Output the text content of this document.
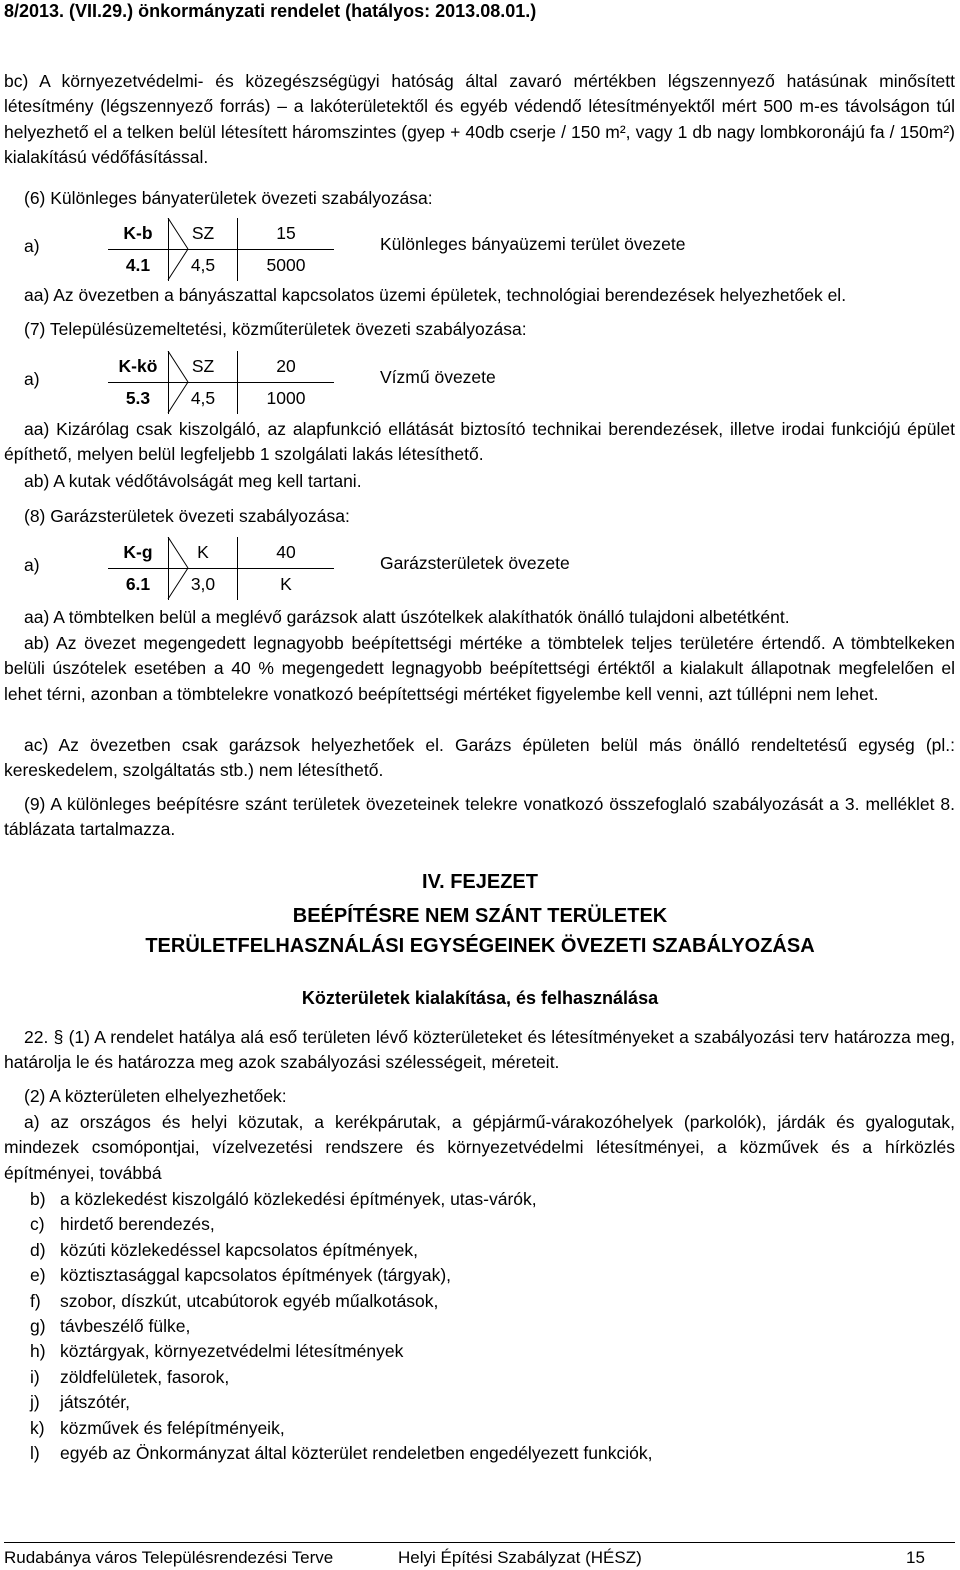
8/2013. (VII.29.) önkormányzati rendelet (hatályos: 2013.08.01.)
bc) A környezetvédelmi- és közegészségügyi hatóság által zavaró mértékben légszennyező hatásúnak minősített létesítmény (légszennyező forrás) – a lakóterületektől és egyéb védendő létesítményektől mért 500 m-es távolságon túl helyezhető el a telken belül létesített háromszintes (gyep + 40db cserje / 150 m², vagy 1 db nagy lombkoronájú fa / 150m²) kialakítású védőfásítással.
(6) Különleges bányaterületek övezeti szabályozása:
a)
K-b	SZ	15
4.1	4,5	5000
Különleges bányaüzemi terület övezete
aa) Az övezetben a bányászattal kapcsolatos üzemi épületek, technológiai berendezések helyezhetőek el.
(7) Településüzemeltetési, közműterületek övezeti szabályozása:
a)
K-kö	SZ	20
5.3	4,5	1000
Vízmű övezete
aa) Kizárólag csak kiszolgáló, az alapfunkció ellátását biztosító technikai berendezések, illetve irodai funkciójú épület építhető, melyen belül legfeljebb 1 szolgálati lakás létesíthető.
ab) A kutak védőtávolságát meg kell tartani.
(8) Garázsterületek övezeti szabályozása:
a)
K-g	K	40
6.1	3,0	K
Garázsterületek övezete
aa) A tömbtelken belül a meglévő garázsok alatt úszótelkek alakíthatók önálló tulajdoni albetétként.
ab) Az övezet megengedett legnagyobb beépítettségi mértéke a tömbtelek teljes területére értendő. A tömbtelkeken belüli úszótelek esetében a 40 % megengedett legnagyobb beépítettségi értéktől a kialakult állapotnak megfelelően el lehet térni, azonban a tömbtelekre vonatkozó beépítettségi mértéket figyelembe kell venni, azt túllépni nem lehet.
ac) Az övezetben csak garázsok helyezhetőek el. Garázs épületen belül más önálló rendeltetésű egység (pl.: kereskedelem, szolgáltatás stb.) nem létesíthető.
(9) A különleges beépítésre szánt területek övezeteinek telekre vonatkozó összefoglaló szabályozását a 3. melléklet 8. táblázata tartalmazza.
IV. FEJEZET
BEÉPÍTÉSRE NEM SZÁNT TERÜLETEK
TERÜLETFELHASZNÁLÁSI EGYSÉGEINEK ÖVEZETI SZABÁLYOZÁSA
Közterületek kialakítása, és felhasználása
22. § (1) A rendelet hatálya alá eső területen lévő közterületeket és létesítményeket a szabályozási terv határozza meg, határolja le és határozza meg azok szabályozási szélességeit, méreteit.
(2) A közterületen elhelyezhetőek:
a) az országos és helyi közutak, a kerékpárutak, a gépjármű-várakozóhelyek (parkolók), járdák és gyalogutak, mindezek csomópontjai, vízelvezetési rendszere és környezetvédelmi létesítményei, a közművek és a hírközlés építményei, továbbá
b) a közlekedést kiszolgáló közlekedési építmények, utas-várók,
c) hirdető berendezés,
d) közúti közlekedéssel kapcsolatos építmények,
e) köztisztasággal kapcsolatos építmények (tárgyak),
f) szobor, díszkút, utcabútorok egyéb műalkotások,
g) távbeszélő fülke,
h) köztárgyak, környezetvédelmi létesítmények
i) zöldfelületek, fasorok,
j) játszótér,
k) közművek és felépítményeik,
l) egyéb az Önkormányzat által közterület rendeletben engedélyezett funkciók,
Rudabánya város Településrendezési Terve	Helyi Építési Szabályzat (HÉSZ)	15
